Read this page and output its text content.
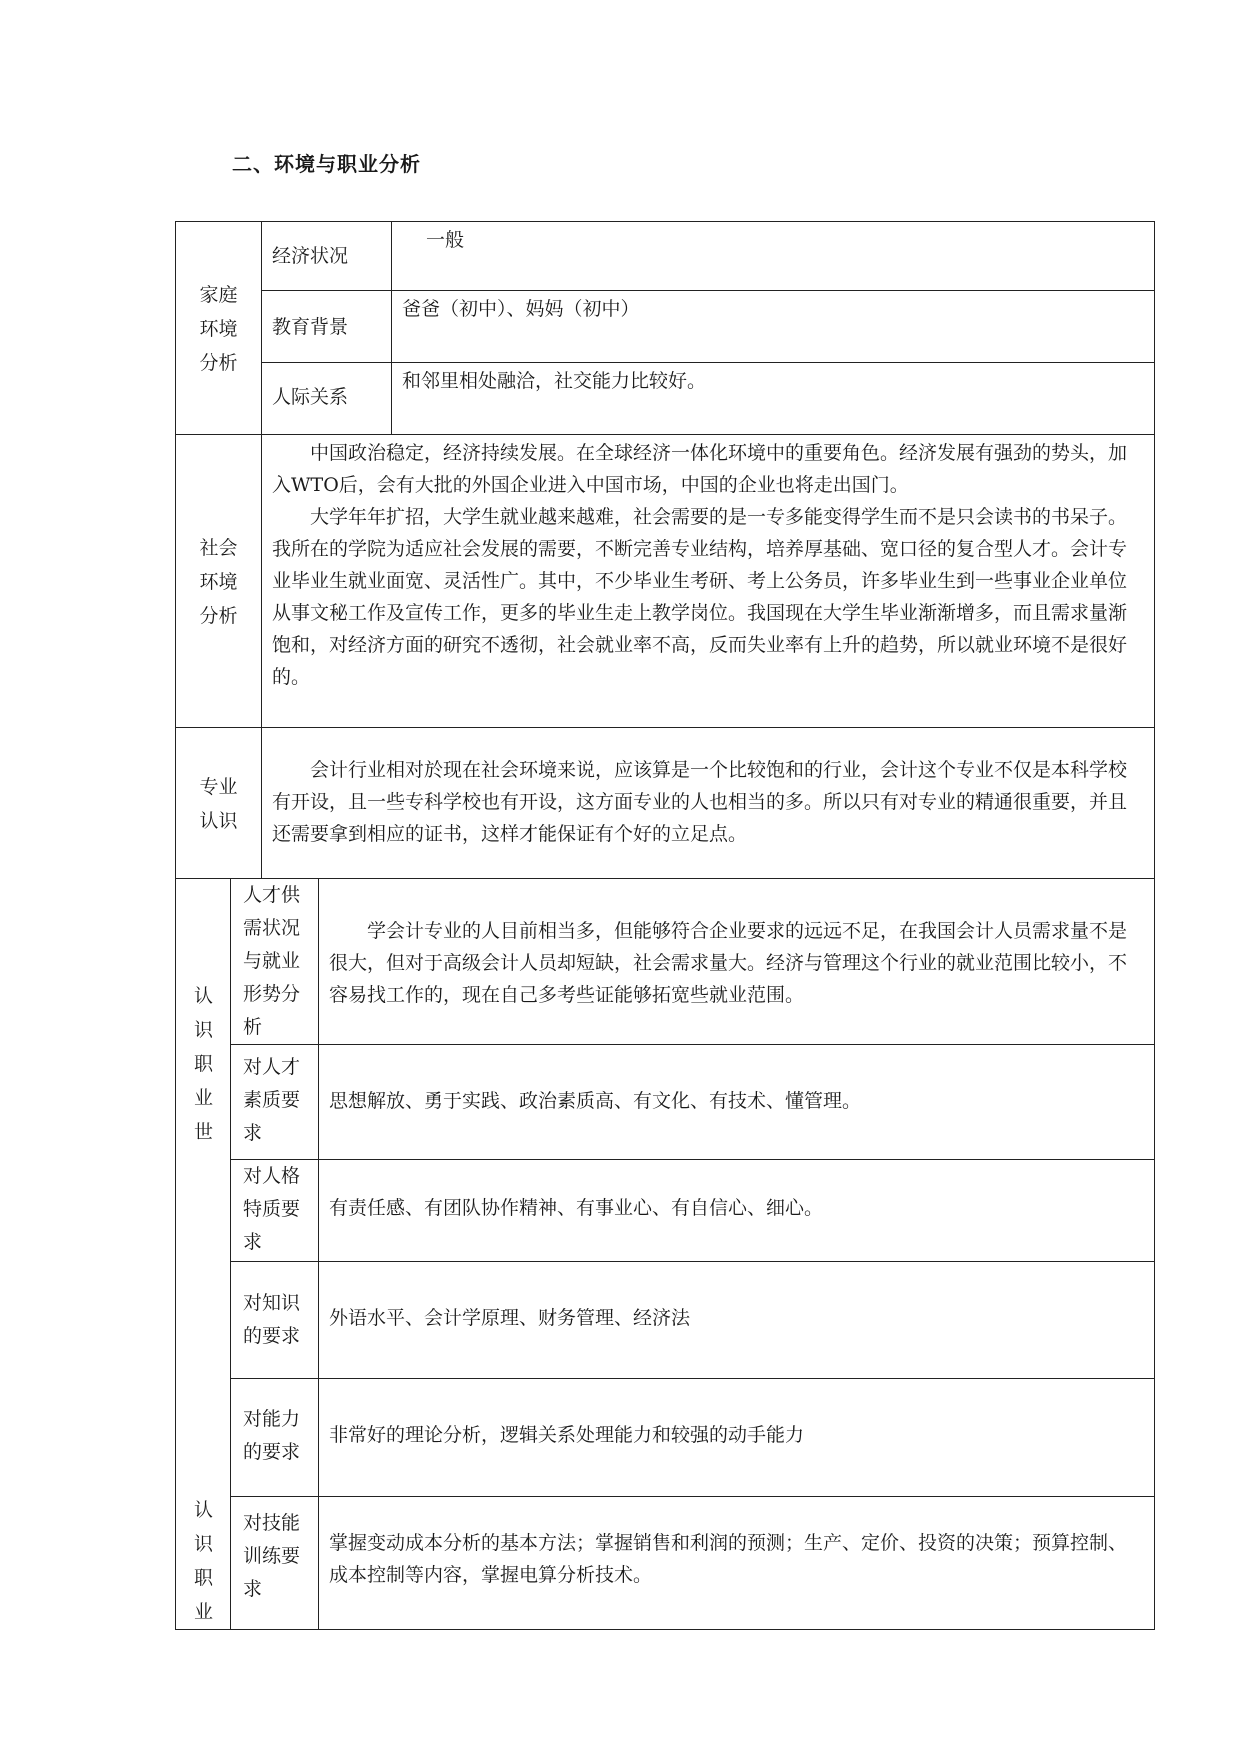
二、环境与职业分析
家庭
环境
分析
经济状况
一般
教育背景
爸爸（初中）、妈妈（初中）
人际关系
和邻里相处融洽，社交能力比较好。
社会
环境
分析

中国政治稳定，经济持续发展。在全球经济一体化环境中的重要角色。经济发展有强劲的势头，加入WTO后，会有大批的外国企业进入中国市场，中国的企业也将走出国门。

大学年年扩招，大学生就业越来越难，社会需要的是一专多能变得学生而不是只会读书的书呆子。我所在的学院为适应社会发展的需要，不断完善专业结构，培养厚基础、宽口径的复合型人才。会计专业毕业生就业面宽、灵活性广。其中，不少毕业生考研、考上公务员，许多毕业生到一些事业企业单位从事文秘工作及宣传工作，更多的毕业生走上教学岗位。我国现在大学生毕业渐渐增多，而且需求量渐饱和，对经济方面的研究不透彻，社会就业率不高，反而失业率有上升的趋势，所以就业环境不是很好的。

专业
认识

会计行业相对於现在社会环境来说，应该算是一个比较饱和的行业，会计这个专业不仅是本科学校有开设，且一些专科学校也有开设，这方面专业的人也相当的多。所以只有对专业的精通很重要，并且还需要拿到相应的证书，这样才能保证有个好的立足点。

认
识
职
业
世
认
识
职
业
人才供需状况与就业形势分析
学会计专业的人目前相当多，但能够符合企业要求的远远不足，在我国会计人员需求量不是很大，但对于高级会计人员却短缺，社会需求量大。经济与管理这个行业的就业范围比较小，不容易找工作的，现在自己多考些证能够拓宽些就业范围。
对人才素质要求
思想解放、勇于实践、政治素质高、有文化、有技术、懂管理。
对人格特质要求
有责任感、有团队协作精神、有事业心、有自信心、细心。
对知识的要求
外语水平、会计学原理、财务管理、经济法
对能力的要求
非常好的理论分析，逻辑关系处理能力和较强的动手能力
对技能训练要求
掌握变动成本分析的基本方法；掌握销售和利润的预测；生产、定价、投资的决策；预算控制、成本控制等内容，掌握电算分析技术。
